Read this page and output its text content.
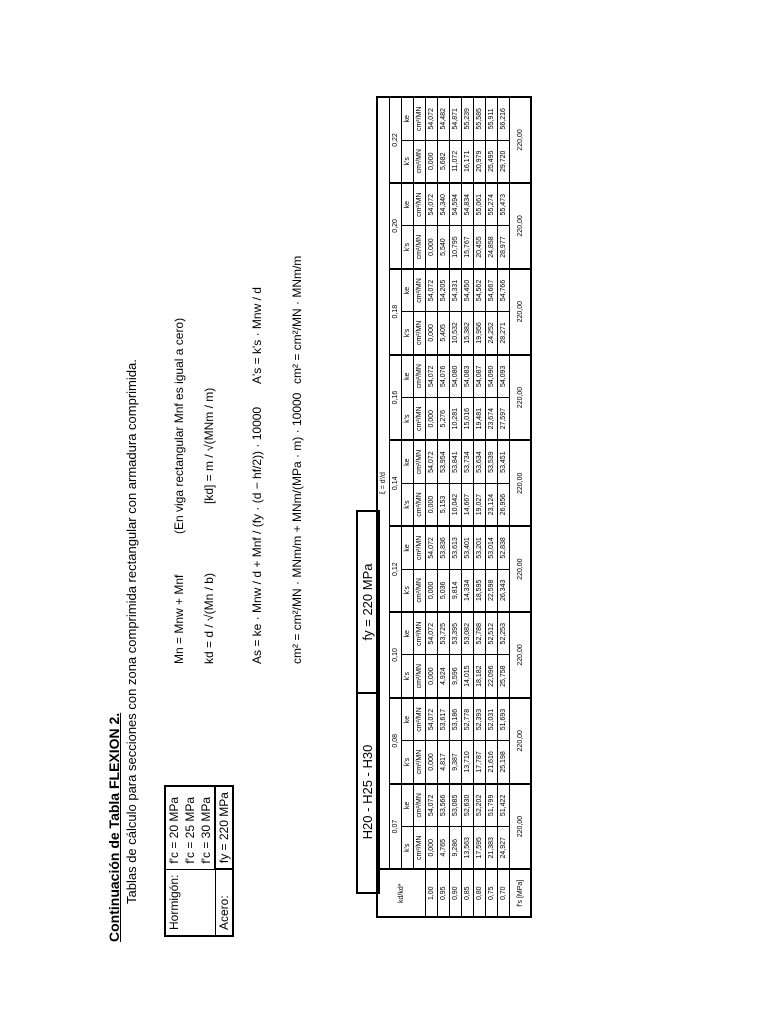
Continuación de Tabla FLEXION 2. Tablas de cálculo para secciones con zona comprimida rectangular con armadura comprimida. Hormigón:	f'c = 20 MPa
	f'c = 25 MPa
	f'c = 30 MPa
Acero:	fy = 220 MPa
Mn = Mnw + Mnf
(En viga rectangular Mnf es igual a cero)
kd = d / √(Mn / b)
[kd] = m / √(MNm / m)	As = ke · Mnw / d + Mnf / (fy · (d − hf/2)) · 10000 cm² = cm²/MN · MNm/m + MNm/(MPa · m) · 10000
A's = k's · Mnw / d cm² = cm²/MN · MNm/m
H20 - H25 - H30
fy = 220 MPa
kd/kd*	ξ = d'/d																	
	0,07		0,08		0,10		0,12		0,14		0,16		0,18		0,20		0,22	
	k's	ke	k's	ke	k's	ke	k's	ke	k's	ke	k's	ke	k's	ke	k's	ke	k's	ke
	cm²/MN	cm²/MN	cm²/MN	cm²/MN	cm²/MN	cm²/MN	cm²/MN	cm²/MN	cm²/MN	cm²/MN	cm²/MN	cm²/MN	cm²/MN	cm²/MN	cm²/MN	cm²/MN	cm²/MN	cm²/MN
1,00	0,000	54,072	0,000	54,072	0,000	54,072	0,000	54,072	0,000	54,072	0,000	54,072	0,000	54,072	0,000	54,072	0,000	54,072
0,95	4,765	53,566	4,817	53,617	4,924	53,725	5,036	53,836	5,153	53,954	5,276	54,076	5,405	54,205	5,540	54,340	5,682	54,482
0,90	9,286	53,085	9,387	53,186	9,596	53,395	9,814	53,613	10,042	53,841	10,281	54,080	10,532	54,331	10,795	54,594	11,072	54,871
0,85	13,563	52,630	13,710	52,778	14,015	53,082	14,334	53,401	14,667	53,734	15,016	54,083	15,382	54,450	15,767	54,834	16,171	55,239
0,80	17,595	52,202	17,787	52,393	18,182	52,788	18,595	53,201	19,027	53,634	19,481	54,087	19,956	54,562	20,455	55,061	20,979	55,585
0,75	21,383	51,799	21,616	52,031	22,096	52,512	22,598	53,014	23,124	53,539	23,674	54,090	24,252	54,667	24,858	55,274	25,495	55,911
0,70	24,927	51,422	25,198	51,693	25,758	52,253	26,343	52,838	26,956	53,451	27,597	54,093	28,271	54,766	28,977	55,473	29,720	56,216
f's [MPa]	220,00		220,00		220,00		220,00		220,00		220,00		220,00		220,00		220,00	
